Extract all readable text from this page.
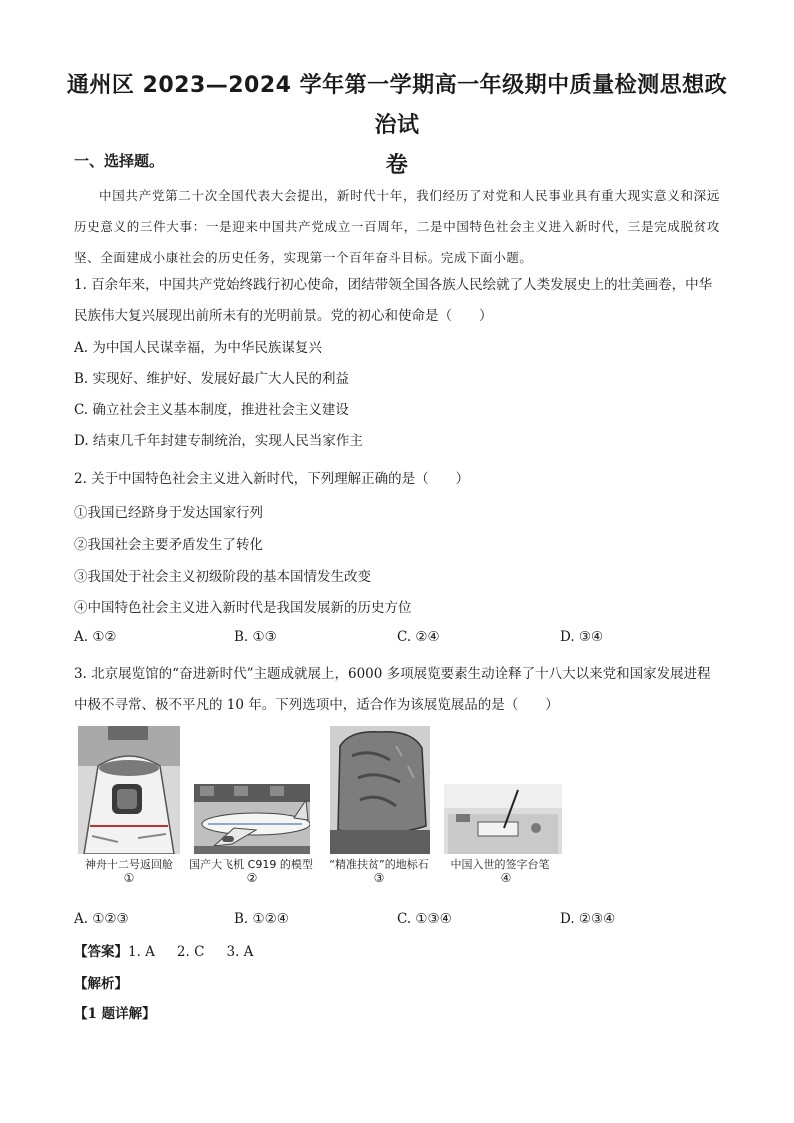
通州区 2023—2024 学年第一学期高一年级期中质量检测思想政治试
卷
一、选择题。
中国共产党第二十次全国代表大会提出，新时代十年，我们经历了对党和人民事业具有重大现实意义和深远历史意义的三件大事：一是迎来中国共产党成立一百周年，二是中国特色社会主义进入新时代，三是完成脱贫攻坚、全面建成小康社会的历史任务，实现第一个百年奋斗目标。完成下面小题。
1. 百余年来，中国共产党始终践行初心使命，团结带领全国各族人民绘就了人类发展史上的壮美画卷，中华民族伟大复兴展现出前所未有的光明前景。党的初心和使命是（　　）
A. 为中国人民谋幸福，为中华民族谋复兴
B. 实现好、维护好、发展好最广大人民的利益
C. 确立社会主义基本制度，推进社会主义建设
D. 结束几千年封建专制统治，实现人民当家作主
2. 关于中国特色社会主义进入新时代，下列理解正确的是（　　）
①我国已经跻身于发达国家行列
②我国社会主要矛盾发生了转化
③我国处于社会主义初级阶段的基本国情发生改变
④中国特色社会主义进入新时代是我国发展新的历史方位
A. ①②	B. ①③	C. ②④	D. ③④
3. 北京展览馆的“奋进新时代”主题成就展上，6000 多项展览要素生动诠释了十八大以来党和国家发展进程中极不寻常、极不平凡的 10 年。下列选项中，适合作为该展览展品的是（　　）
神舟十二号返回舱
①
国产大飞机 C919 的模型
②
“精准扶贫”的地标石
③
中国入世的签字台笔
④
A. ①②③	B. ①②④	C. ①③④	D. ②③④
【答案】1. A 2. C 3. A
【解析】
【1 题详解】
